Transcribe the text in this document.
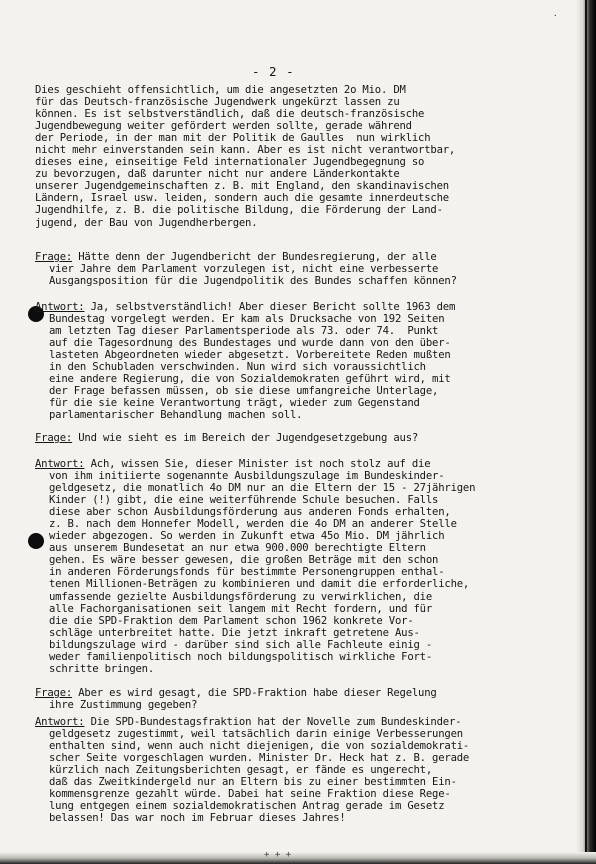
˙
- 2 -
Dies geschieht offensichtlich, um die angesetzten 2o Mio. DM
für das Deutsch-französische Jugendwerk ungekürzt lassen zu
können. Es ist selbstverständlich, daß die deutsch-französische
Jugendbewegung weiter gefördert werden sollte, gerade während
der Periode, in der man mit der Politik de Gaulles  nun wirklich
nicht mehr einverstanden sein kann. Aber es ist nicht verantwortbar,
dieses eine, einseitige Feld internationaler Jugendbegegnung so
zu bevorzugen, daß darunter nicht nur andere Länderkontakte
unserer Jugendgemeinschaften z. B. mit England, den skandinavischen
Ländern, Israel usw. leiden, sondern auch die gesamte innerdeutsche
Jugendhilfe, z. B. die politische Bildung, die Förderung der Land-
jugend, der Bau von Jugendherbergen.
Frage: Hätte denn der Jugendbericht der Bundesregierung, der alle
vier Jahre dem Parlament vorzulegen ist, nicht eine verbesserte
Ausgangsposition für die Jugendpolitik des Bundes schaffen können?
Antwort: Ja, selbstverständlich! Aber dieser Bericht sollte 1963 dem
Bundestag vorgelegt werden. Er kam als Drucksache von 192 Seiten
am letzten Tag dieser Parlamentsperiode als 73. oder 74.  Punkt
auf die Tagesordnung des Bundestages und wurde dann von den über-
lasteten Abgeordneten wieder abgesetzt. Vorbereitete Reden mußten
in den Schubladen verschwinden. Nun wird sich voraussichtlich
eine andere Regierung, die von Sozialdemokraten geführt wird, mit
der Frage befassen müssen, ob sie diese umfangreiche Unterlage,
für die sie keine Verantwortung trägt, wieder zum Gegenstand
parlamentarischer Behandlung machen soll.
Frage: Und wie sieht es im Bereich der Jugendgesetzgebung aus?
Antwort: Ach, wissen Sie, dieser Minister ist noch stolz auf die
von ihm initiierte sogenannte Ausbildungszulage im Bundeskinder-
geldgesetz, die monatlich 4o DM nur an die Eltern der 15 - 27jährigen
Kinder (!) gibt, die eine weiterführende Schule besuchen. Falls
diese aber schon Ausbildungsförderung aus anderen Fonds erhalten,
z. B. nach dem Honnefer Modell, werden die 4o DM an anderer Stelle
wieder abgezogen. So werden in Zukunft etwa 45o Mio. DM jährlich
aus unserem Bundesetat an nur etwa 900.000 berechtigte Eltern
gehen. Es wäre besser gewesen, die großen Beträge mit den schon
in anderen Förderungsfonds für bestimmte Personengruppen enthal-
tenen Millionen-Beträgen zu kombinieren und damit die erforderliche,
umfassende gezielte Ausbildungsförderung zu verwirklichen, die
alle Fachorganisationen seit langem mit Recht fordern, und für
die die SPD-Fraktion dem Parlament schon 1962 konkrete Vor-
schläge unterbreitet hatte. Die jetzt inkraft getretene Aus-
bildungszulage wird - darüber sind sich alle Fachleute einig -
weder familienpolitisch noch bildungspolitisch wirkliche Fort-
schritte bringen.
Frage: Aber es wird gesagt, die SPD-Fraktion habe dieser Regelung
ihre Zustimmung gegeben?
Antwort: Die SPD-Bundestagsfraktion hat der Novelle zum Bundeskinder-
geldgesetz zugestimmt, weil tatsächlich darin einige Verbesserungen
enthalten sind, wenn auch nicht diejenigen, die von sozialdemokrati-
scher Seite vorgeschlagen wurden. Minister Dr. Heck hat z. B. gerade
kürzlich nach Zeitungsberichten gesagt, er fände es ungerecht,
daß das Zweitkindergeld nur an Eltern bis zu einer bestimmten Ein-
kommensgrenze gezahlt würde. Dabei hat seine Fraktion diese Rege-
lung entgegen einem sozialdemokratischen Antrag gerade im Gesetz
belassen! Das war noch im Februar dieses Jahres!
+ + +
